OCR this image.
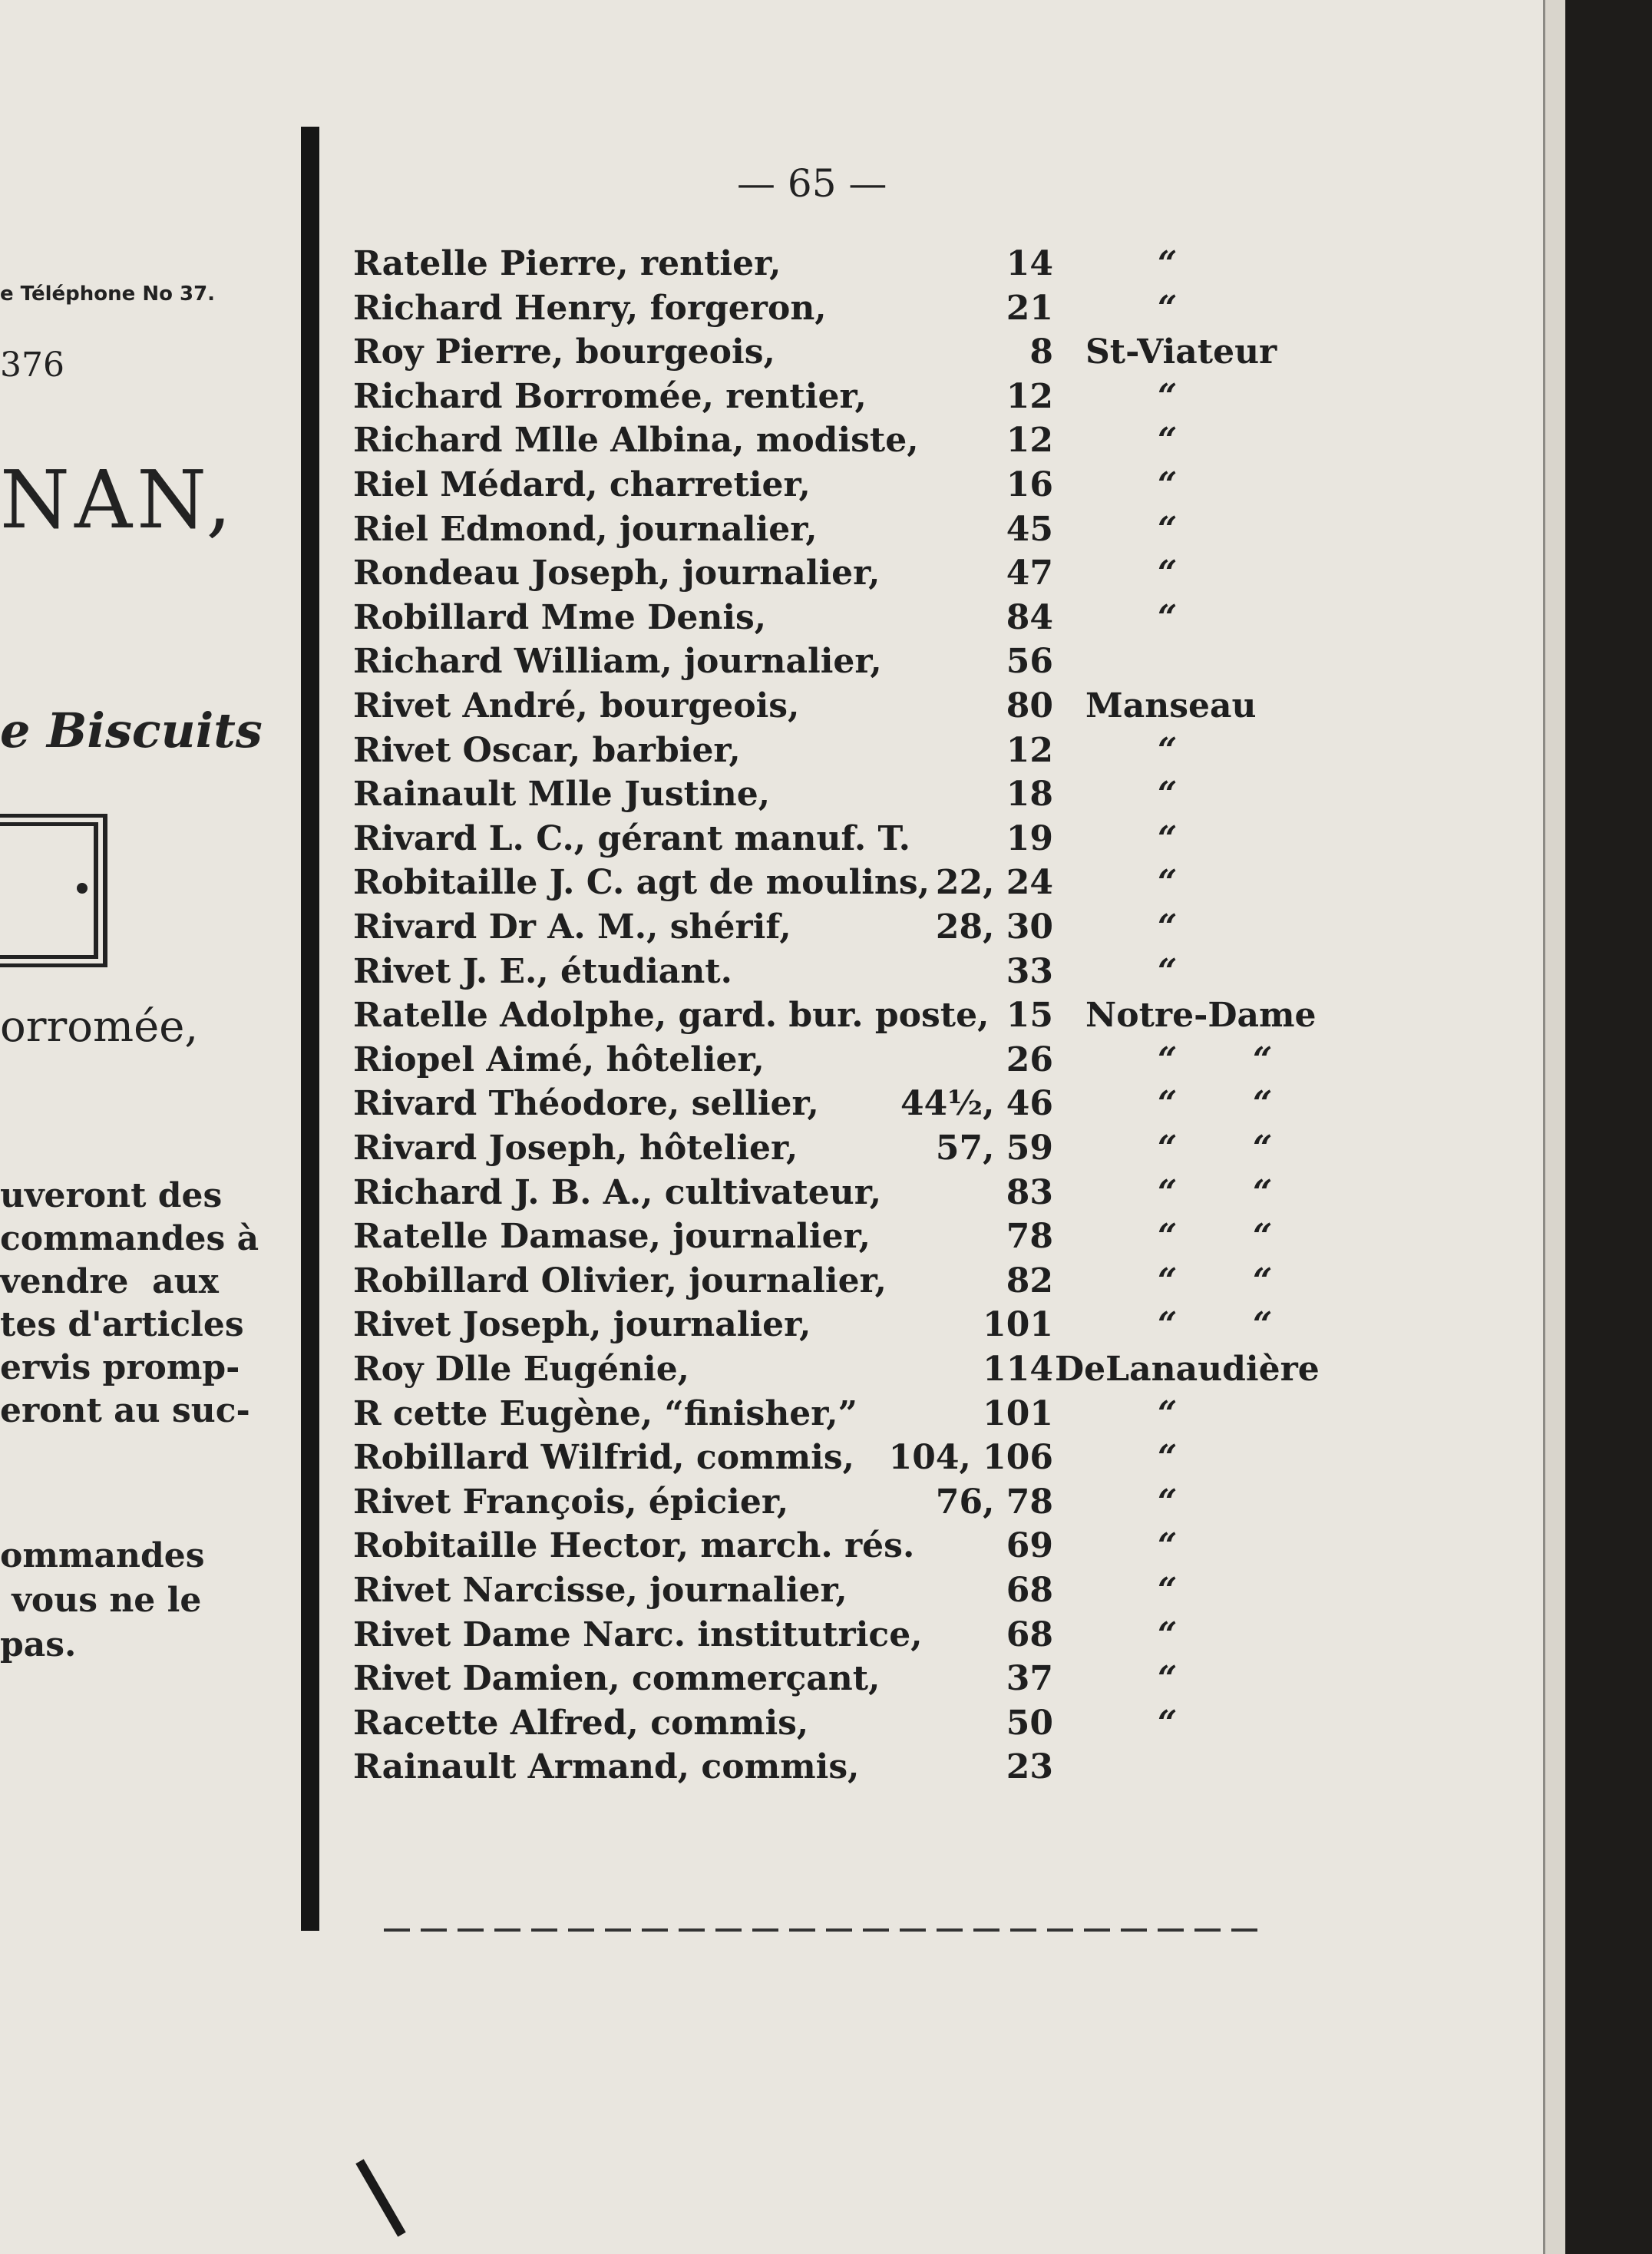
e Téléphone No 37.
376
NAN,
e Biscuits
orromée,
uveront des
commandes à
vendre  aux
tes d'articles
ervis promp-
eront au suc-
ommandes
vous ne le
pas.
— 65 —
Ratelle Pierre, rentier,	14	“
Richard Henry, forgeron,	21	“
Roy Pierre, bourgeois,	8 St-Viateur
Richard Borromée, rentier,	12	“
Richard Mlle Albina, modiste,	12	“
Riel Médard, charretier,	16	“
Riel Edmond, journalier,	45	“
Rondeau Joseph, journalier,	47	“
Robillard Mme Denis,	84	“
Richard William, journalier,	56
Rivet André, bourgeois,	80 Manseau
Rivet Oscar, barbier,	12	“
Rainault Mlle Justine,	18	“
Rivard L. C., gérant manuf. T.	19	“
Robitaille J. C. agt de moulins, 22, 24	“
Rivard Dr A. M., shérif,	28, 30	“
Rivet J. E., étudiant.	33	“
Ratelle Adolphe, gard. bur. poste, 15 Notre-Dame
Riopel Aimé, hôtelier,	26	“ “
Rivard Théodore, sellier, 44½, 46	“ “
Rivard Joseph, hôtelier,	57, 59	“ “
Richard J. B. A., cultivateur,	83	“ “
Ratelle Damase, journalier,	78	“ “
Robillard Olivier, journalier,	82	“ “
Rivet Joseph, journalier,	101	“ “
Roy Dlle Eugénie,	114 DeLanaudière
R cette Eugène, “finisher,”	101	“
Robillard Wilfrid, commis, 104, 106	“
Rivet François, épicier,	76, 78	“
Robitaille Hector, march. rés.	69	“
Rivet Narcisse, journalier,	68	“
Rivet Dame Narc. institutrice, 68	“
Rivet Damien, commerçant,	37	“
Racette Alfred, commis,	50	“
Rainault Armand, commis,	23
